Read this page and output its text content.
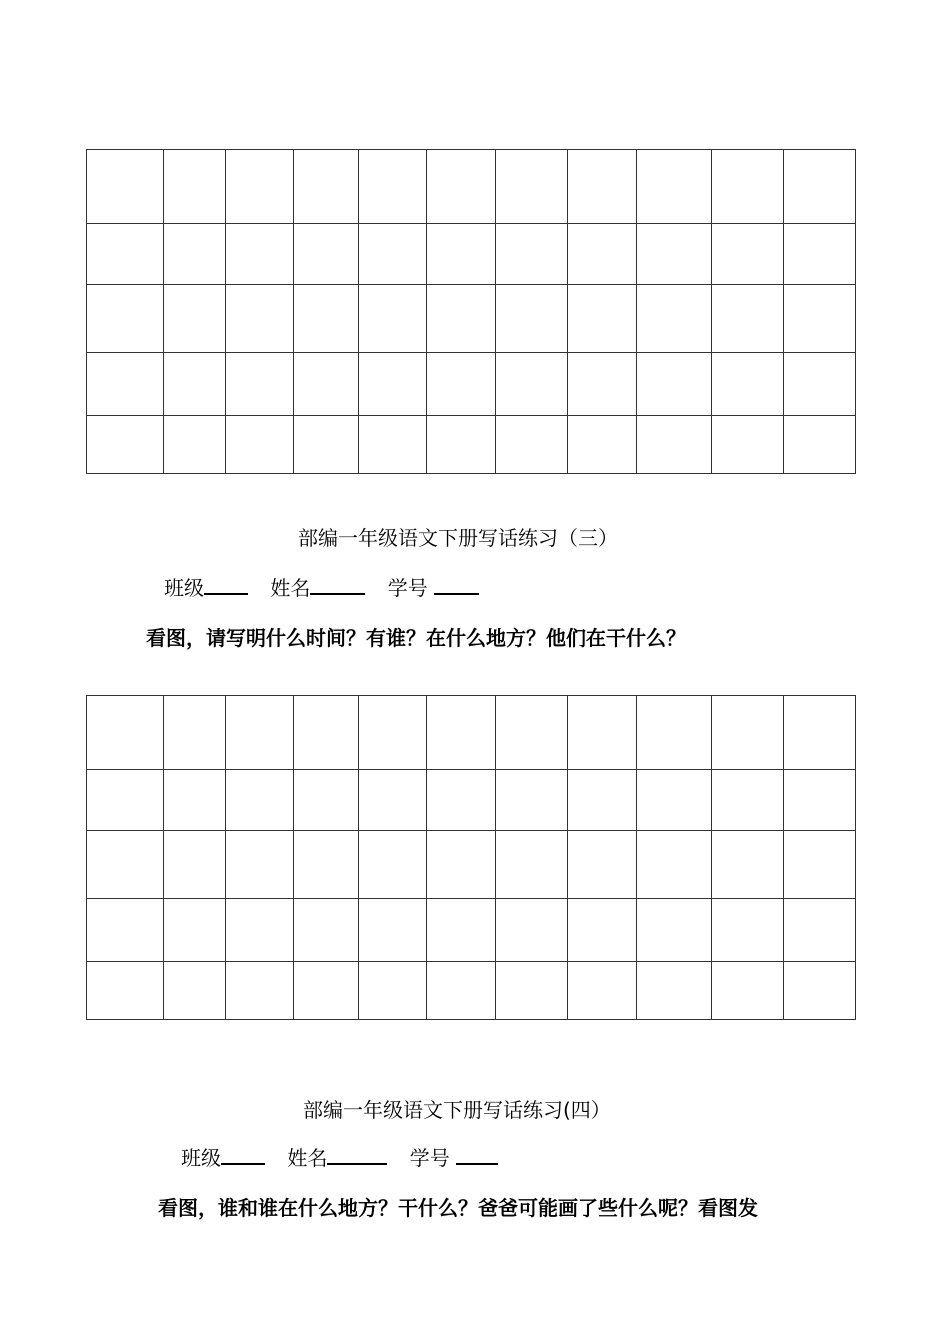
部编一年级语文下册写话练习（三）
班级	姓名	学号
看图，请写明什么时间？有谁？在什么地方？他们在干什么？

部编一年级语文下册写话练习(四）
班级	姓名	学号
看图，谁和谁在什么地方？干什么？爸爸可能画了些什么呢？看图发
